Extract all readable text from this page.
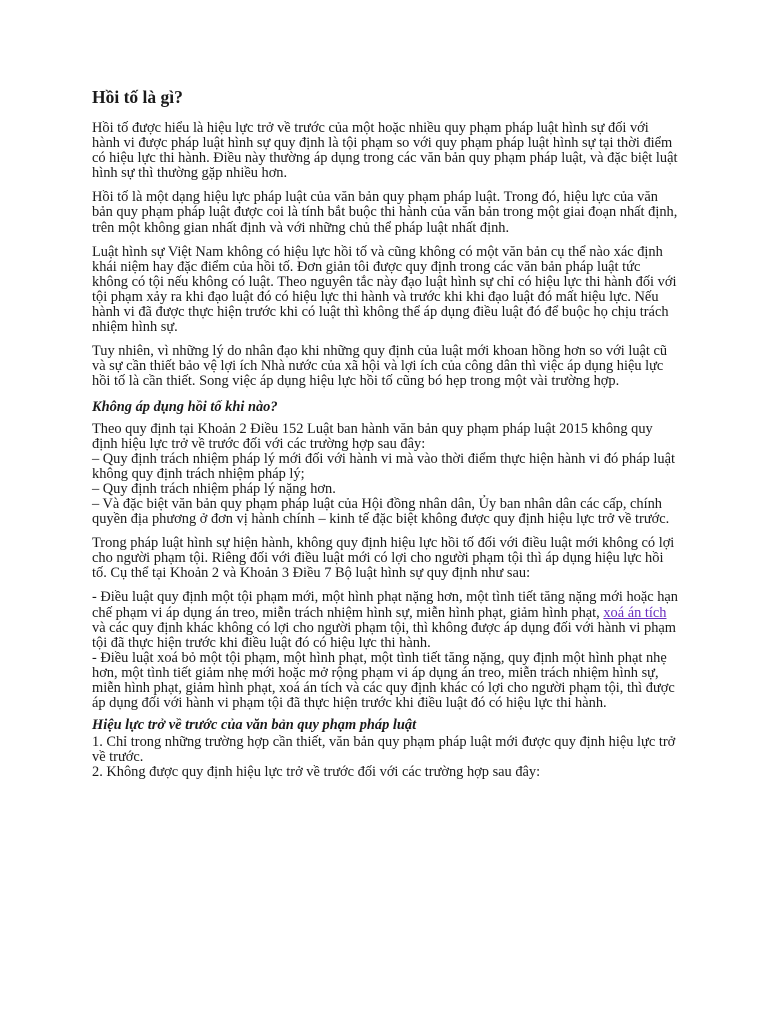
Hồi tố là gì?

Hồi tố được hiểu là hiệu lực trở về trước của một hoặc nhiều quy phạm pháp luật hình sự đối với hành vi được pháp luật hình sự quy định là tội phạm so với quy phạm pháp luật hình sự tại thời điểm có hiệu lực thi hành. Điều này thường áp dụng trong các văn bản quy phạm pháp luật, và đặc biệt luật hình sự thì thường gặp nhiều hơn.

Hồi tố là một dạng hiệu lực pháp luật của văn bản quy phạm pháp luật. Trong đó, hiệu lực của văn bản quy phạm pháp luật được coi là tính bắt buộc thi hành của văn bản trong một giai đoạn nhất định, trên một không gian nhất định và với những chủ thể pháp luật nhất định.

Luật hình sự Việt Nam không có hiệu lực hồi tố và cũng không có một văn bản cụ thể nào xác định khái niệm hay đặc điểm của hồi tố. Đơn giản tôi được quy định trong các văn bản pháp luật tức không có tội nếu không có luật. Theo nguyên tắc này đạo luật hình sự chỉ có hiệu lực thi hành đối với tội phạm xảy ra khi đạo luật đó có hiệu lực thi hành và trước khi khi đạo luật đó mất hiệu lực. Nếu hành vi đã được thực hiện trước khi có luật thì không thể áp dụng điều luật đó để buộc họ chịu trách nhiệm hình sự.

Tuy nhiên, vì những lý do nhân đạo khi những quy định của luật mới khoan hồng hơn so với luật cũ và sự cần thiết bảo vệ lợi ích Nhà nước của xã hội và lợi ích của công dân thì việc áp dụng hiệu lực hồi tố là cần thiết. Song việc áp dụng hiệu lực hồi tố cũng bó hẹp trong một vài trường hợp.

Không áp dụng hồi tố khi nào?

Theo quy định tại Khoản 2 Điều 152 Luật ban hành văn bản quy phạm pháp luật 2015 không quy định hiệu lực trở về trước đối với các trường hợp sau đây:
– Quy định trách nhiệm pháp lý mới đối với hành vi mà vào thời điểm thực hiện hành vi đó pháp luật không quy định trách nhiệm pháp lý;
– Quy định trách nhiệm pháp lý nặng hơn.
– Và đặc biệt văn bản quy phạm pháp luật của Hội đồng nhân dân, Ủy ban nhân dân các cấp, chính quyền địa phương ở đơn vị hành chính – kinh tế đặc biệt không được quy định hiệu lực trở về trước.

Trong pháp luật hình sự hiện hành, không quy định hiệu lực hồi tố đối với điều luật mới không có lợi cho người phạm tội. Riêng đối với điều luật mới có lợi cho người phạm tội thì áp dụng hiệu lực hồi tố. Cụ thể tại Khoản 2 và Khoản 3 Điều 7 Bộ luật hình sự quy định như sau:

- Điều luật quy định một tội phạm mới, một hình phạt nặng hơn, một tình tiết tăng nặng mới hoặc hạn chế phạm vi áp dụng án treo, miễn trách nhiệm hình sự, miễn hình phạt, giảm hình phạt, xoá án tích và các quy định khác không có lợi cho người phạm tội, thì không được áp dụng đối với hành vi phạm tội đã thực hiện trước khi điều luật đó có hiệu lực thi hành.

- Điều luật xoá bỏ một tội phạm, một hình phạt, một tình tiết tăng nặng, quy định một hình phạt nhẹ hơn, một tình tiết giảm nhẹ mới hoặc mở rộng phạm vi áp dụng án treo, miễn trách nhiệm hình sự, miễn hình phạt, giảm hình phạt, xoá án tích và các quy định khác có lợi cho người phạm tội, thì được áp dụng đối với hành vi phạm tội đã thực hiện trước khi điều luật đó có hiệu lực thi hành.

Hiệu lực trở về trước của văn bản quy phạm pháp luật

1. Chỉ trong những trường hợp cần thiết, văn bản quy phạm pháp luật mới được quy định hiệu lực trở về trước.

2. Không được quy định hiệu lực trở về trước đối với các trường hợp sau đây:
